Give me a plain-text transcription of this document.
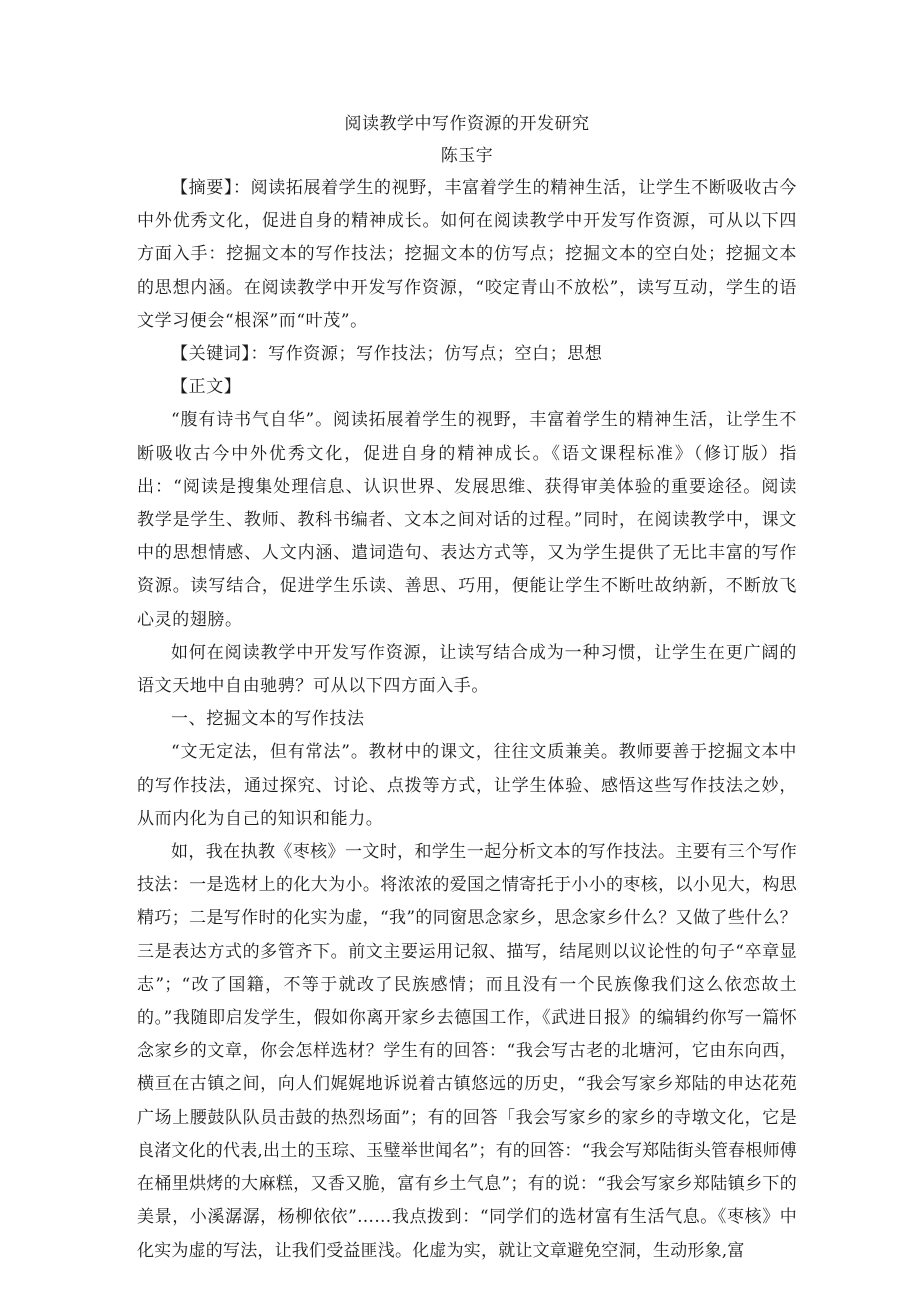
阅读教学中写作资源的开发研究

陈玉宇

【摘要】：阅读拓展着学生的视野，丰富着学生的精神生活，让学生不断吸收古今中外优秀文化，促进自身的精神成长。如何在阅读教学中开发写作资源，可从以下四方面入手：挖掘文本的写作技法；挖掘文本的仿写点；挖掘文本的空白处；挖掘文本的思想内涵。在阅读教学中开发写作资源，“咬定青山不放松”，读写互动，学生的语文学习便会“根深”而“叶茂”。

【关键词】：写作资源；写作技法；仿写点；空白；思想

【正文】

“腹有诗书气自华”。阅读拓展着学生的视野，丰富着学生的精神生活，让学生不断吸收古今中外优秀文化，促进自身的精神成长。《语文课程标准》（修订版）指出：“阅读是搜集处理信息、认识世界、发展思维、获得审美体验的重要途径。阅读教学是学生、教师、教科书编者、文本之间对话的过程。”同时，在阅读教学中，课文中的思想情感、人文内涵、遣词造句、表达方式等，又为学生提供了无比丰富的写作资源。读写结合，促进学生乐读、善思、巧用，便能让学生不断吐故纳新，不断放飞心灵的翅膀。

如何在阅读教学中开发写作资源，让读写结合成为一种习惯，让学生在更广阔的语文天地中自由驰骋？可从以下四方面入手。

一、挖掘文本的写作技法

“文无定法，但有常法”。教材中的课文，往往文质兼美。教师要善于挖掘文本中的写作技法，通过探究、讨论、点拨等方式，让学生体验、感悟这些写作技法之妙，从而内化为自己的知识和能力。

如，我在执教《枣核》一文时，和学生一起分析文本的写作技法。主要有三个写作技法：一是选材上的化大为小。将浓浓的爱国之情寄托于小小的枣核，以小见大，构思精巧；二是写作时的化实为虚，“我”的同窗思念家乡，思念家乡什么？又做了些什么？三是表达方式的多管齐下。前文主要运用记叙、描写，结尾则以议论性的句子“卒章显志”；“改了国籍，不等于就改了民族感情；而且没有一个民族像我们这么依恋故土的。”我随即启发学生，假如你离开家乡去德国工作，《武进日报》的编辑约你写一篇怀念家乡的文章，你会怎样选材？学生有的回答：“我会写古老的北塘河，它由东向西，横亘在古镇之间，向人们娓娓地诉说着古镇悠远的历史，“我会写家乡郑陆的申达花苑广场上腰鼓队队员击鼓的热烈场面”；有的回答「我会写家乡的家乡的寺墩文化，它是良渚文化的代表,出土的玉琮、玉璧举世闻名”；有的回答：“我会写郑陆街头管春根师傅在桶里烘烤的大麻糕，又香又脆，富有乡土气息”；有的说：“我会写家乡郑陆镇乡下的美景，小溪潺潺，杨柳依依”……我点拨到：“同学们的选材富有生活气息。《枣核》中化实为虚的写法，让我们受益匪浅。化虚为实，就让文章避免空洞，生动形象,富
